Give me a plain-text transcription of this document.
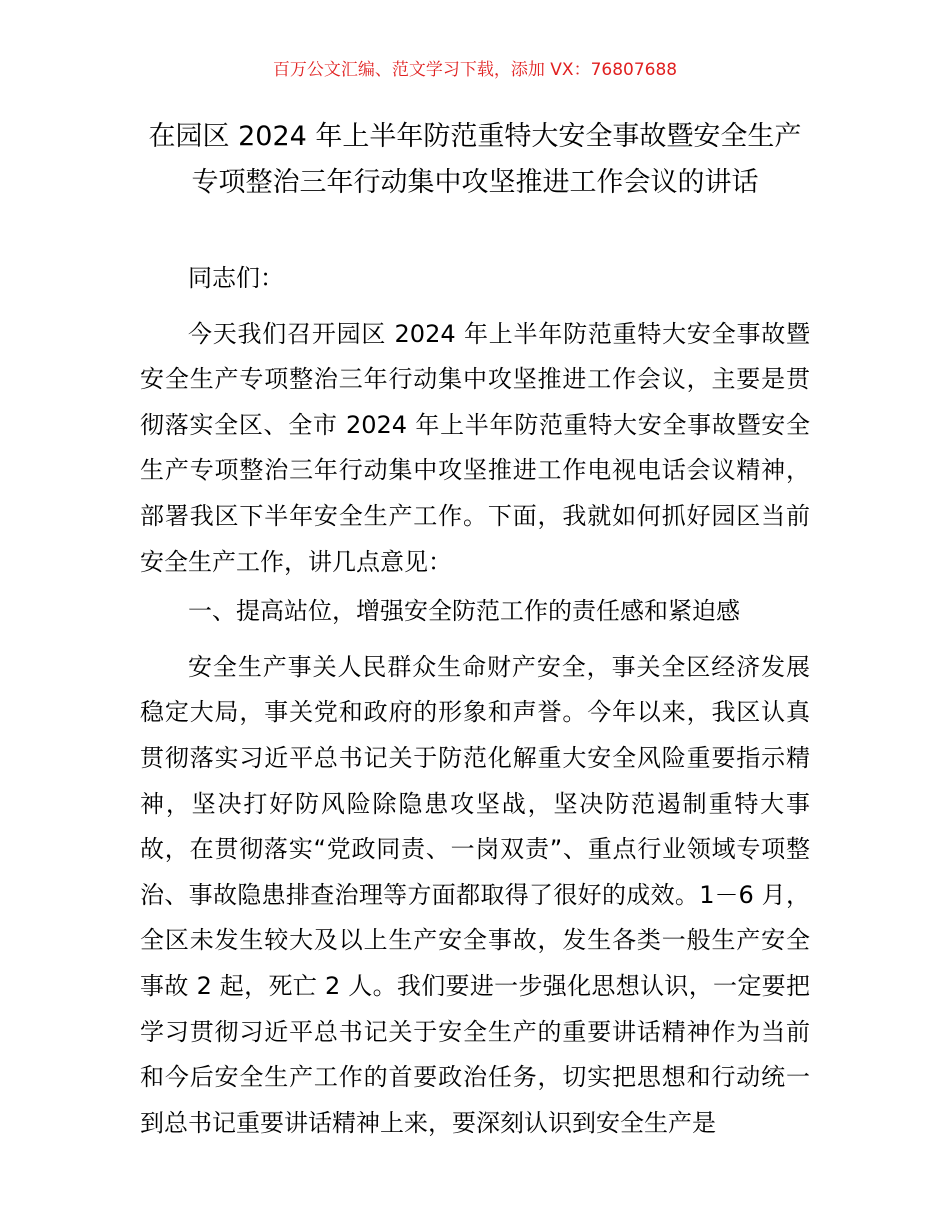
百万公文汇编、范文学习下载，添加 VX：76807688
在园区 2024 年上半年防范重特大安全事故暨安全生产专项整治三年行动集中攻坚推进工作会议的讲话

同志们：

今天我们召开园区 2024 年上半年防范重特大安全事故暨安全生产专项整治三年行动集中攻坚推进工作会议，主要是贯彻落实全区、全市 2024 年上半年防范重特大安全事故暨安全生产专项整治三年行动集中攻坚推进工作电视电话会议精神，部署我区下半年安全生产工作。下面，我就如何抓好园区当前安全生产工作，讲几点意见：

一、提高站位，增强安全防范工作的责任感和紧迫感

安全生产事关人民群众生命财产安全，事关全区经济发展稳定大局，事关党和政府的形象和声誉。今年以来，我区认真贯彻落实习近平总书记关于防范化解重大安全风险重要指示精神，坚决打好防风险除隐患攻坚战，坚决防范遏制重特大事故，在贯彻落实“党政同责、一岗双责”、重点行业领域专项整治、事故隐患排查治理等方面都取得了很好的成效。1－6 月，全区未发生较大及以上生产安全事故，发生各类一般生产安全事故 2 起，死亡 2 人。我们要进一步强化思想认识，一定要把学习贯彻习近平总书记关于安全生产的重要讲话精神作为当前和今后安全生产工作的首要政治任务，切实把思想和行动统一到总书记重要讲话精神上来，要深刻认识到安全生产是
